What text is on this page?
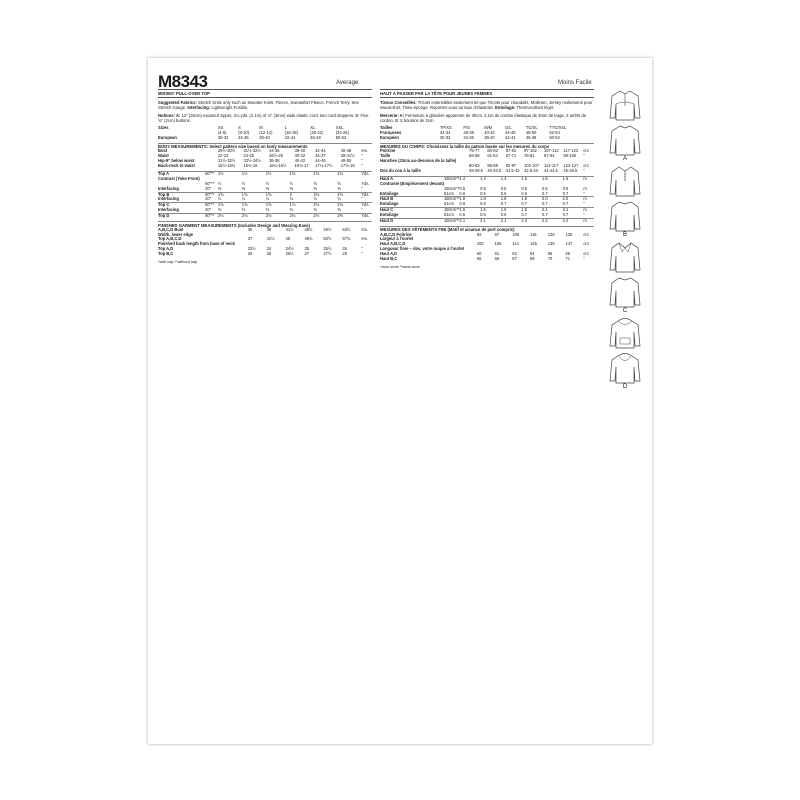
M8343	Average	Moins Facile
MISSES' PULL-OVER TOP
Suggested Fabrics: Stretch Knits only such as Sweater Knits, Fleece, Sweatshirt Fleece, French Terry. See Stretch Gauge. Interfacing: Lightweight Fusible.
Notions: A: 12" (30cm) exposed zipper, 2¼ yds. (2.1m) of ⅛" (3mm) wide elastic cord, two cord stoppers. B: Five ⅝" (2cm) buttons.
Sizes		XS	S	M	L	XL	XXL	
		(4-6)	(8-10)	(12-14)	(16-18)	(20-22)	(24-26)	
European		30-32	34-36	38-40	42-44	46-48	50-52	
BODY MEASUREMENTS: Select pattern size based on body measurements
Bust		29½-30½	31½-32½	34-36	38-40	42-44	46-48	Ins.
Waist		22-23	24-25	26½-28	30-32	34-37	39-41½	"
Hip-9" below waist		31½-32½	33½-34½	36-38	40-42	44-46	48-50	"
Back-neck to waist		15½-15¾	15¾-16	16¼-16½	16¾-17	17¼-17½	17⅝-18	"
Top A	60"**	1½	1½	1½	1⅝	1⅝	1¾	Yds.
Contrast (Yoke Front)								
	60"**	½	½	½	½	⅝	⅝	Yds.
Interfacing	20"	⅜	⅜	⅜	⅜	⅜	⅜	"
Top B	60"**	1⅝	1⅝	1⅝	2	2⅛	2⅛	Yds.
Interfacing	20"	¼	¼	¼	¼	¼	¼	"
Top C	60"**	1⅝	1⅝	1⅝	1⅞	2⅛	2⅛	Yds.
Interfacing	20"	⅜	⅜	⅜	⅜	⅜	⅜	"
Top D	60"**	2⅛	2⅛	2⅛	2⅛	2⅛	2⅜	Yds.
FINISHED GARMENT MEASUREMENTS (Includes Design and Wearing Ease)
A,B,C,D Bust		36	38	41½	45½	49½	53½	Ins.
Width, lower edge								
Top A,B,C,D		37	41½	45	49¾	53½	57¾	Ins.
Finished back length from base of neck								
Top A,D		23½	24	24½	25	25½	26	"
Top B,C		25	26	26½	27	27½	28	"
*with nap **without nap
HAUT À PASSER PAR LA TÊTE POUR JEUNES FEMMES
Tissus Conseillés: Tricots extensibles seulement tel que Tricots pour chandails, Molleton, Jersey molletonné pour sweat-shirt, Tissu-éponge. Reportez-vous au taux d'élasticité. Entoilage: Thermocollant léger.
Mercerie: A: Fermeture à glissière apparente de 30cm, 2,1m de cordon élastique de 3mm de large, 2 arrêts de cordon. B: 5 boutons de 2cm.
Tailles		TP/XS	P/S	M/M	G/L	TG/XL	TTG/XXL	
Françaises		32-34	36-38	40-42	44-46	48-50	52-54	
Européen		30-32	34-36	38-40	42-44	46-48	50-52	
MESURES DU CORPS: Choisissez la taille du patron basée sur les mesures du corps
Poitrine		75-77	80-83	87-92	97-102	107-112	117-122	cm
Taille		56-58	61-64	67-71	76-81	87-94	99-105	"
Hanches (23cm au-dessous de la taille)								
		80-83	85-88	92-97	102-107	112-117	122-127	cm
Dos du cou à la taille		39-39.5	40-40.5	41.5-42	42.5-43	44-44.5	45-45.5	"
Haut A	150cm**	1.4	1.4	1.4	1.5	1.6	1.6	m
Contraste (Empiècement devant)								
	150cm**	0.5	0.5	0.5	0.5	0.5	0.6	m
Entoilage	51cm	0.6	0.6	0.6	0.6	0.7	0.7	"
Haut B	150cm**	1.8	1.8	1.8	1.9	2.0	2.0	m
Entoilage	51cm	0.6	0.6	0.7	0.7	0.7	0.7	"
Haut C	150cm**	1.5	1.5	1.6	1.6	2.1	2.1	m
Entoilage	51cm	0.6	0.6	0.6	0.7	0.7	0.7	"
Haut D	150cm**	2.1	2.1	2.1	2.2	2.2	2.2	m
MESURES DES VÊTEMENTS FINI (Motif et aisance de port compris)
A,B,C,D Poitrine		92	97	105	116	126	136	cm
Largeur à l'ourlet								
Haut A,B,C,D		100	106	114	125	136	147	cm
Longueur finie – dos, votre nuque à l'ourlet								
Haut A,D		60	61	62	64	65	66	cm
Haut B,C		65	66	67	69	70	71	"
*avec sens **sans sens
A
B
C
D
